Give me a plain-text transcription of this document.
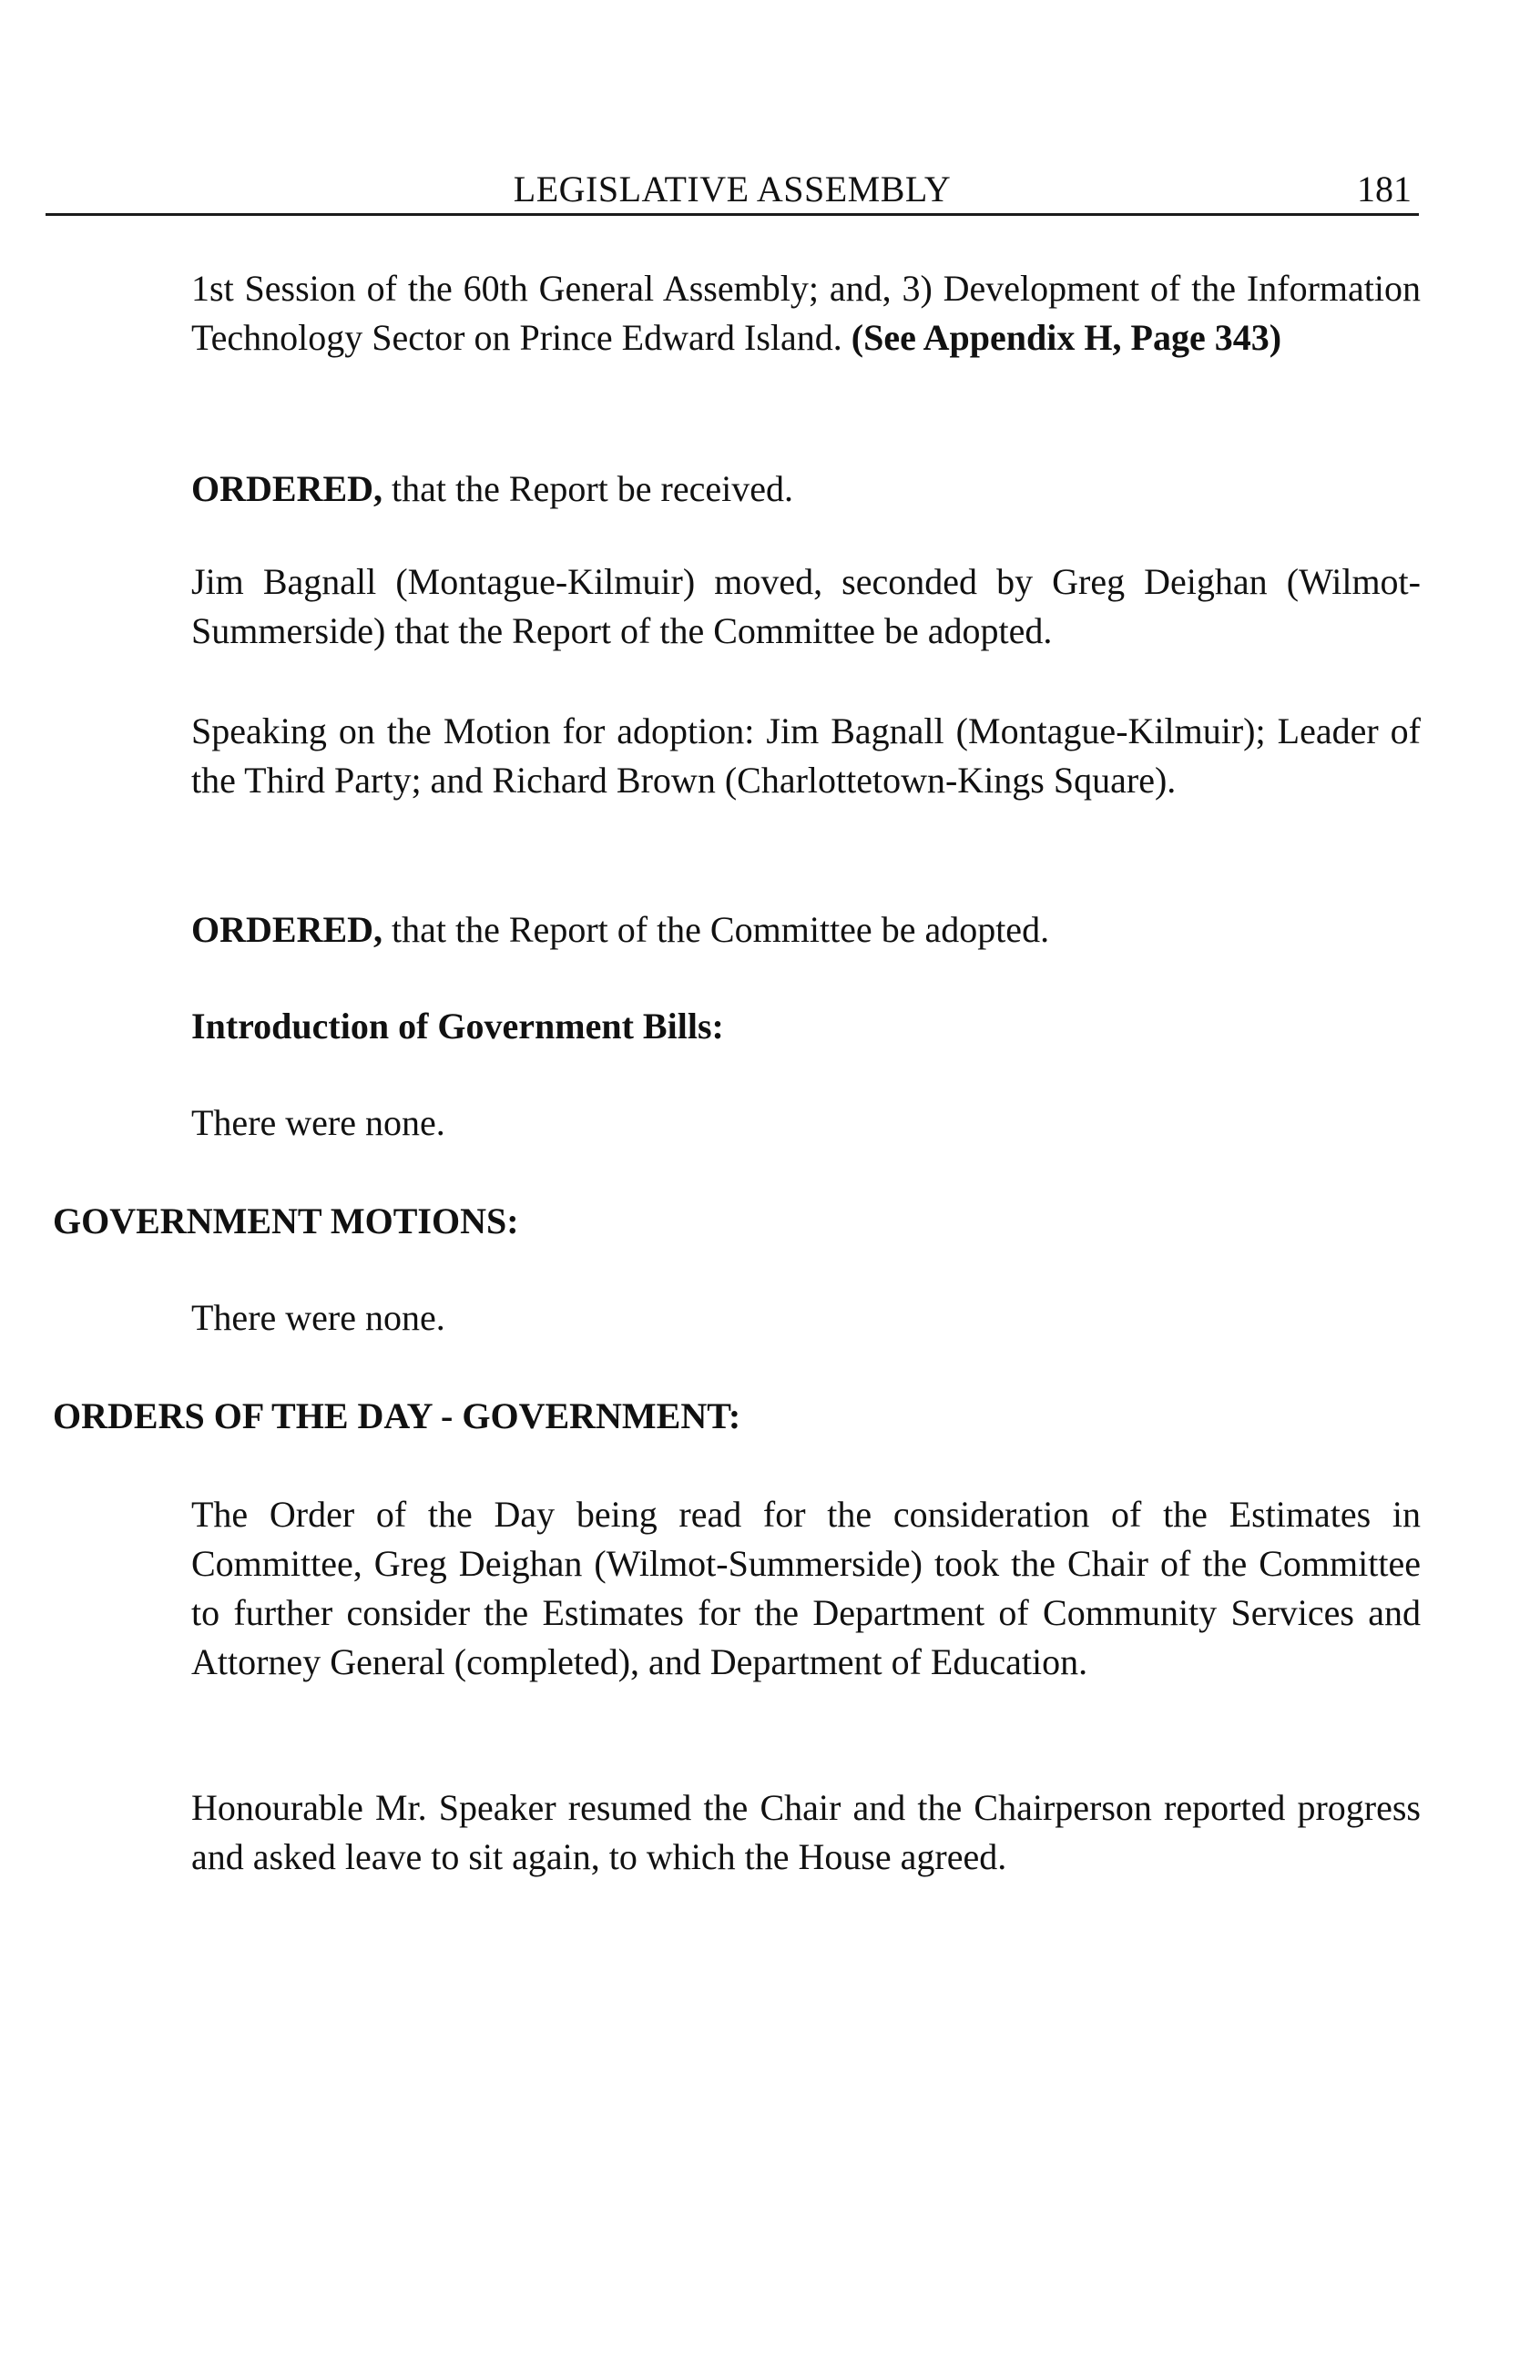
LEGISLATIVE ASSEMBLY	181
1st Session of the 60th General Assembly; and, 3) Development of the Information Technology Sector on Prince Edward Island. (See Appendix H, Page 343)
ORDERED, that the Report be received.
Jim Bagnall (Montague-Kilmuir) moved, seconded by Greg Deighan (Wilmot-Summerside) that the Report of the Committee be adopted.
Speaking on the Motion for adoption: Jim Bagnall (Montague-Kilmuir); Leader of the Third Party; and Richard Brown (Charlottetown-Kings Square).
ORDERED, that the Report of the Committee be adopted.
Introduction of Government Bills:
There were none.
GOVERNMENT MOTIONS:
There were none.
ORDERS OF THE DAY - GOVERNMENT:
The Order of the Day being read for the consideration of the Estimates in Committee, Greg Deighan (Wilmot-Summerside) took the Chair of the Committee to further consider the Estimates for the Department of Community Services and Attorney General (completed), and Department of Education.
Honourable Mr. Speaker resumed the Chair and the Chairperson reported progress and asked leave to sit again, to which the House agreed.
